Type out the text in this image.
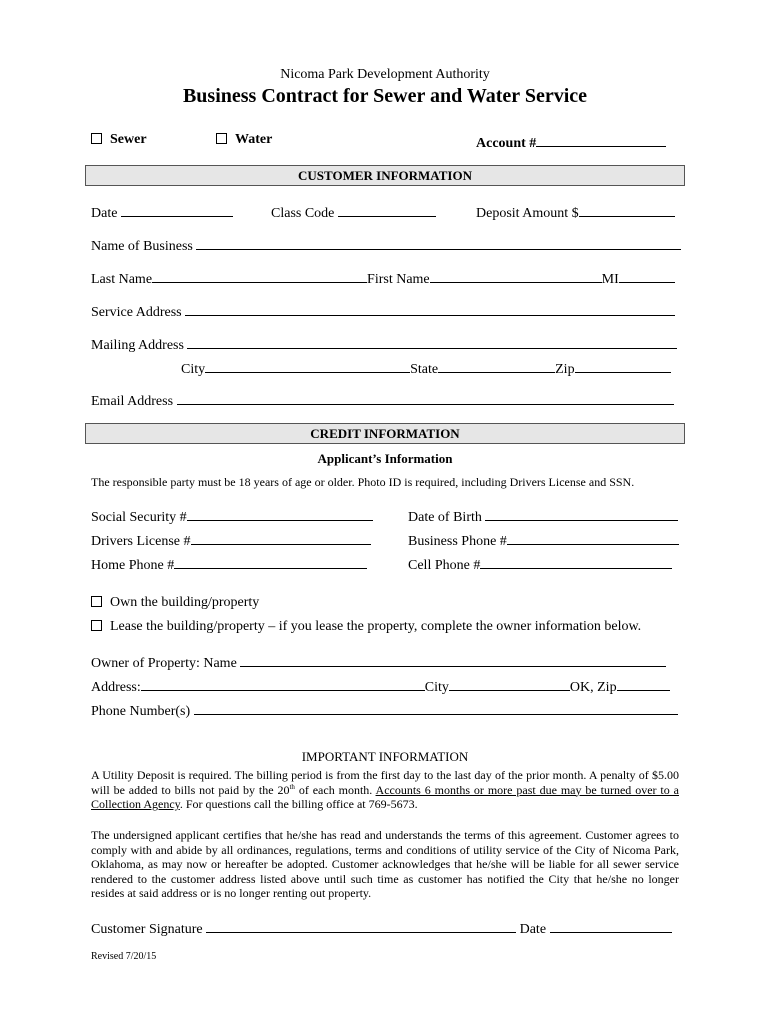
Nicoma Park Development Authority
Business Contract for Sewer and Water Service
Sewer	Water	Account #
CUSTOMER INFORMATION
Date	Class Code	Deposit Amount $
Name of Business
Last Name	First Name	MI
Service Address
Mailing Address
City	State	Zip
Email Address
CREDIT INFORMATION
Applicant’s Information
The responsible party must be 18 years of age or older. Photo ID is required, including Drivers License and SSN.
Social Security #	Date of Birth
Drivers License #	Business Phone #
Home Phone #	Cell Phone #
Own the building/property
Lease the building/property – if you lease the property, complete the owner information below.
Owner of Property: Name
Address:	City	OK, Zip
Phone Number(s)
IMPORTANT INFORMATION
A Utility Deposit is required. The billing period is from the first day to the last day of the prior month. A penalty of $5.00 will be added to bills not paid by the 20th of each month. Accounts 6 months or more past due may be turned over to a Collection Agency. For questions call the billing office at 769-5673.
The undersigned applicant certifies that he/she has read and understands the terms of this agreement. Customer agrees to comply with and abide by all ordinances, regulations, terms and conditions of utility service of the City of Nicoma Park, Oklahoma, as may now or hereafter be adopted. Customer acknowledges that he/she will be liable for all sewer service rendered to the customer address listed above until such time as customer has notified the City that he/she no longer resides at said address or is no longer renting out property.
Customer Signature	Date
Revised 7/20/15
